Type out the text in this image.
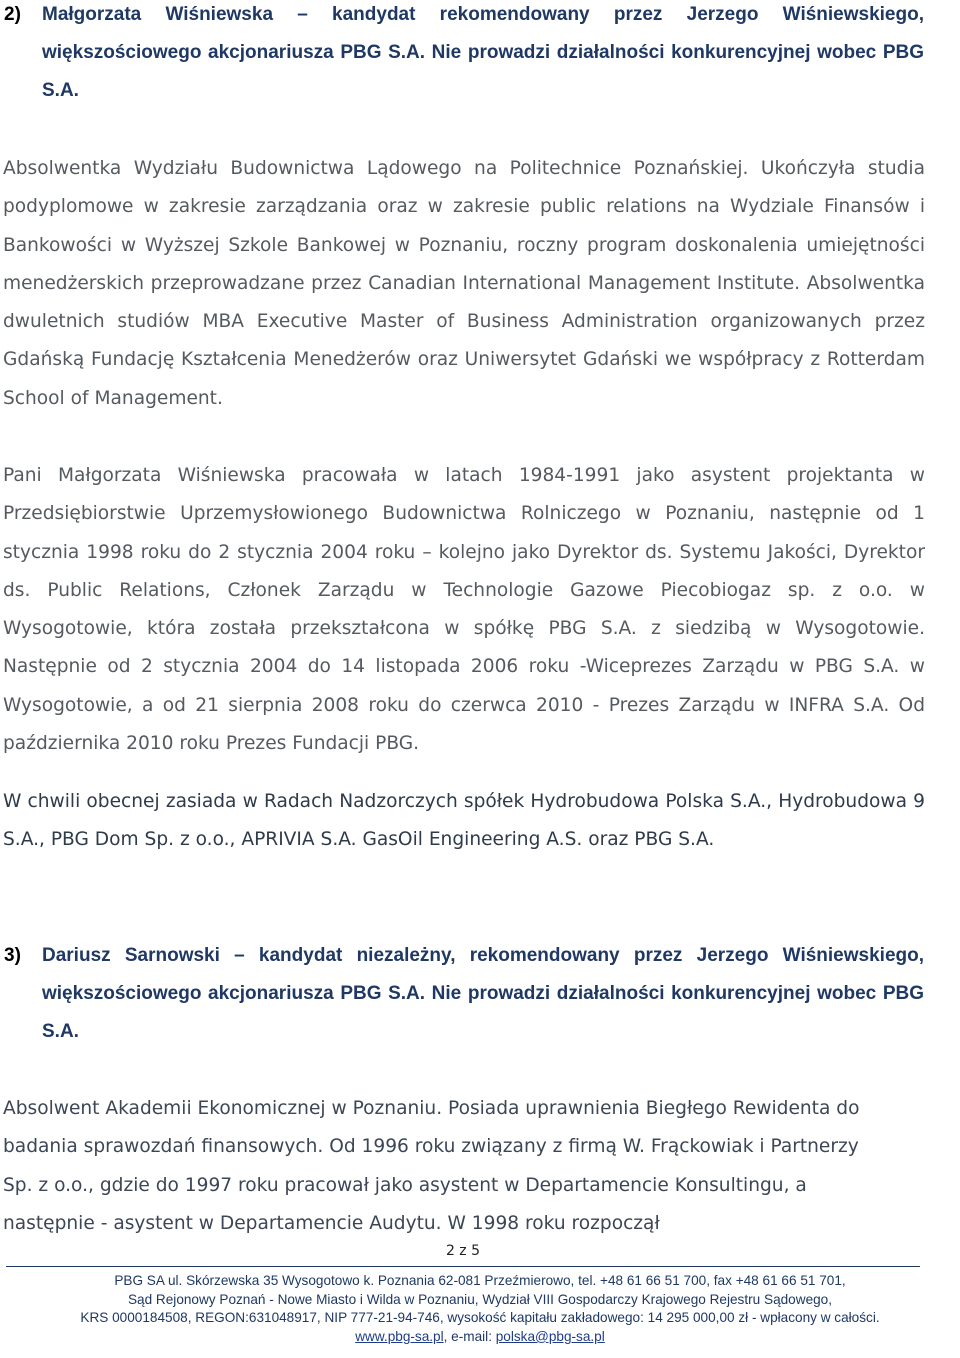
2) Małgorzata Wiśniewska – kandydat rekomendowany przez Jerzego Wiśniewskiego, większościowego akcjonariusza PBG S.A. Nie prowadzi działalności konkurencyjnej wobec PBG S.A.

Absolwentka Wydziału Budownictwa Lądowego na Politechnice Poznańskiej. Ukończyła studia podyplomowe w zakresie zarządzania oraz w zakresie public relations na Wydziale Finansów i Bankowości w Wyższej Szkole Bankowej w Poznaniu, roczny program doskonalenia umiejętności menedżerskich przeprowadzane przez Canadian International Management Institute. Absolwentka dwuletnich studiów MBA Executive Master of Business Administration organizowanych przez Gdańską Fundację Kształcenia Menedżerów oraz Uniwersytet Gdański we współpracy z Rotterdam School of Management.

Pani Małgorzata Wiśniewska pracowała w latach 1984-1991 jako asystent projektanta w Przedsiębiorstwie Uprzemysłowionego Budownictwa Rolniczego w Poznaniu, następnie od 1 stycznia 1998 roku do 2 stycznia 2004 roku – kolejno jako Dyrektor ds. Systemu Jakości, Dyrektor ds. Public Relations, Członek Zarządu w Technologie Gazowe Piecobiogaz sp. z o.o. w Wysogotowie, która została przekształcona w spółkę PBG S.A. z siedzibą w Wysogotowie. Następnie od 2 stycznia 2004 do 14 listopada 2006 roku -Wiceprezes Zarządu w PBG S.A. w Wysogotowie, a od 21 sierpnia 2008 roku do czerwca 2010 - Prezes Zarządu w INFRA S.A. Od października 2010 roku Prezes Fundacji PBG.

W chwili obecnej zasiada w Radach Nadzorczych spółek Hydrobudowa Polska S.A., Hydrobudowa 9 S.A., PBG Dom Sp. z o.o., APRIVIA S.A. GasOil Engineering A.S. oraz PBG S.A.

3) Dariusz Sarnowski – kandydat niezależny, rekomendowany przez Jerzego Wiśniewskiego, większościowego akcjonariusza PBG S.A. Nie prowadzi działalności konkurencyjnej wobec PBG S.A.

Absolwent Akademii Ekonomicznej w Poznaniu. Posiada uprawnienia Biegłego Rewidenta do badania sprawozdań finansowych. Od 1996 roku związany z firmą W. Frąckowiak i Partnerzy Sp. z o.o., gdzie do 1997 roku pracował jako asystent w Departamencie Konsultingu, a następnie - asystent w Departamencie Audytu. W 1998 roku rozpoczął

2 z 5
PBG SA ul. Skórzewska 35 Wysogotowo k. Poznania 62-081 Przeźmierowo, tel. +48 61 66 51 700, fax +48 61 66 51 701,
Sąd Rejonowy Poznań - Nowe Miasto i Wilda w Poznaniu, Wydział VIII Gospodarczy Krajowego Rejestru Sądowego,
KRS 0000184508, REGON:631048917, NIP 777-21-94-746, wysokość kapitału zakładowego: 14 295 000,00 zł - wpłacony w całości.
www.pbg-sa.pl, e-mail: polska@pbg-sa.pl
